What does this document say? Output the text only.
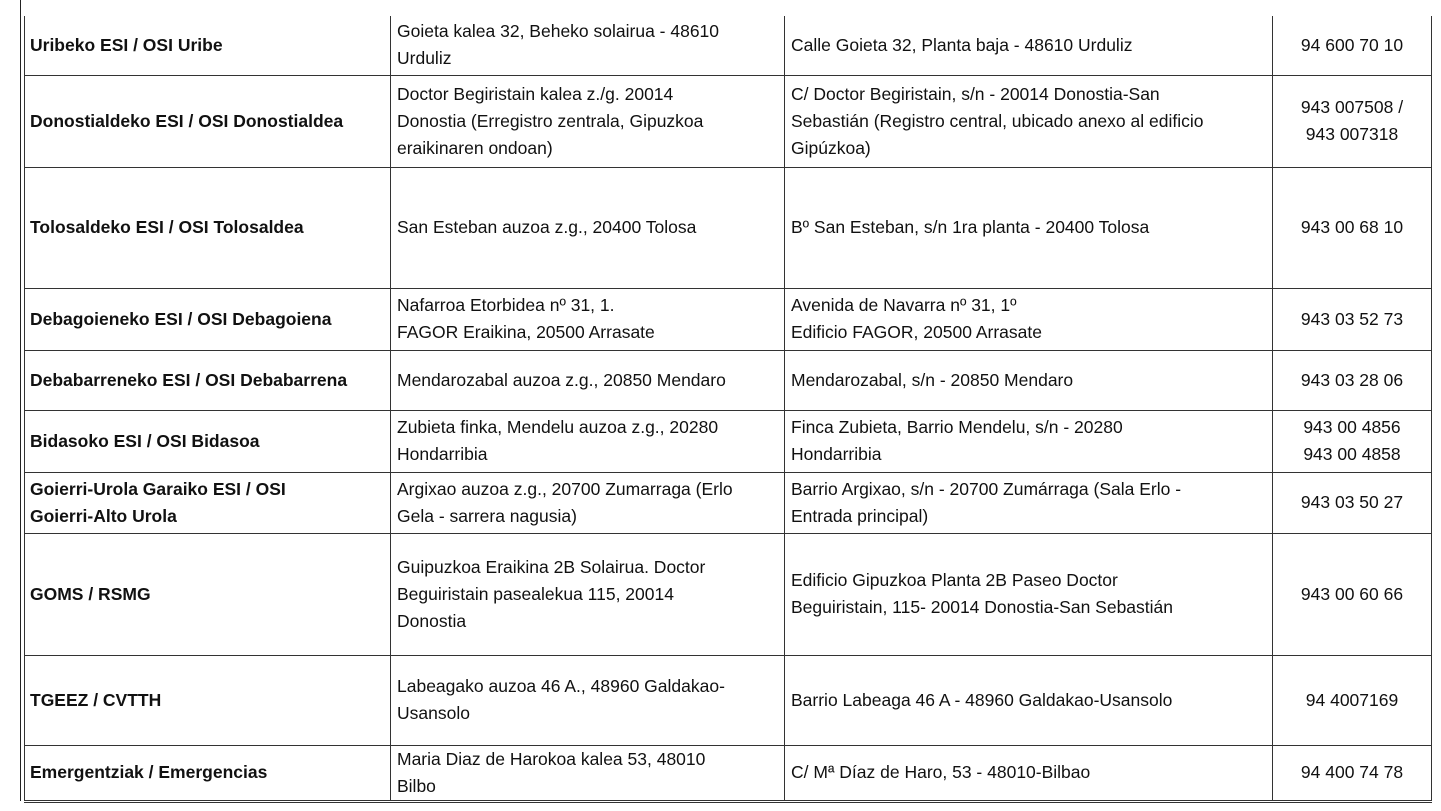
Uribeko ESI / OSI Uribe	Goieta kalea 32, Beheko solairua - 48610
Urduliz	Calle Goieta 32, Planta baja - 48610 Urduliz	94 600 70 10

Donostialdeko ESI / OSI Donostialdea	Doctor Begiristain kalea z./g. 20014
Donostia (Erregistro zentrala, Gipuzkoa
eraikinaren ondoan)	C/ Doctor Begiristain, s/n - 20014 Donostia-San
Sebastián (Registro central, ubicado anexo al edificio
Gipúzkoa)	943 007508 /
943 007318

Tolosaldeko ESI / OSI Tolosaldea	San Esteban auzoa z.g., 20400 Tolosa	Bº San Esteban, s/n 1ra planta - 20400 Tolosa	943 00 68 10

Debagoieneko ESI / OSI Debagoiena	Nafarroa Etorbidea nº 31, 1.
FAGOR Eraikina, 20500 Arrasate	Avenida de Navarra nº 31, 1º
Edificio FAGOR, 20500 Arrasate	943 03 52 73

Debabarreneko ESI / OSI Debabarrena	Mendarozabal auzoa z.g., 20850 Mendaro	Mendarozabal, s/n - 20850 Mendaro	943 03 28 06

Bidasoko ESI / OSI Bidasoa	Zubieta finka, Mendelu auzoa z.g., 20280
Hondarribia	Finca Zubieta, Barrio Mendelu, s/n - 20280
Hondarribia	943 00 4856
943 00 4858

Goierri-Urola Garaiko ESI / OSI
Goierri-Alto Urola	Argixao auzoa z.g., 20700 Zumarraga (Erlo
Gela - sarrera nagusia)	Barrio Argixao, s/n - 20700 Zumárraga (Sala Erlo -
Entrada principal)	943 03 50 27

GOMS / RSMG	Guipuzkoa Eraikina 2B Solairua. Doctor
Beguiristain pasealekua 115, 20014
Donostia	Edificio Gipuzkoa Planta 2B Paseo Doctor
Beguiristain, 115- 20014 Donostia-San Sebastián	943 00 60 66

TGEEZ / CVTTH	Labeagako auzoa 46 A., 48960 Galdakao-
Usansolo	Barrio Labeaga 46 A - 48960 Galdakao-Usansolo	94 4007169

Emergentziak / Emergencias	Maria Diaz de Harokoa kalea 53, 48010
Bilbo	C/ Mª Díaz de Haro, 53 - 48010-Bilbao	94 400 74 78
